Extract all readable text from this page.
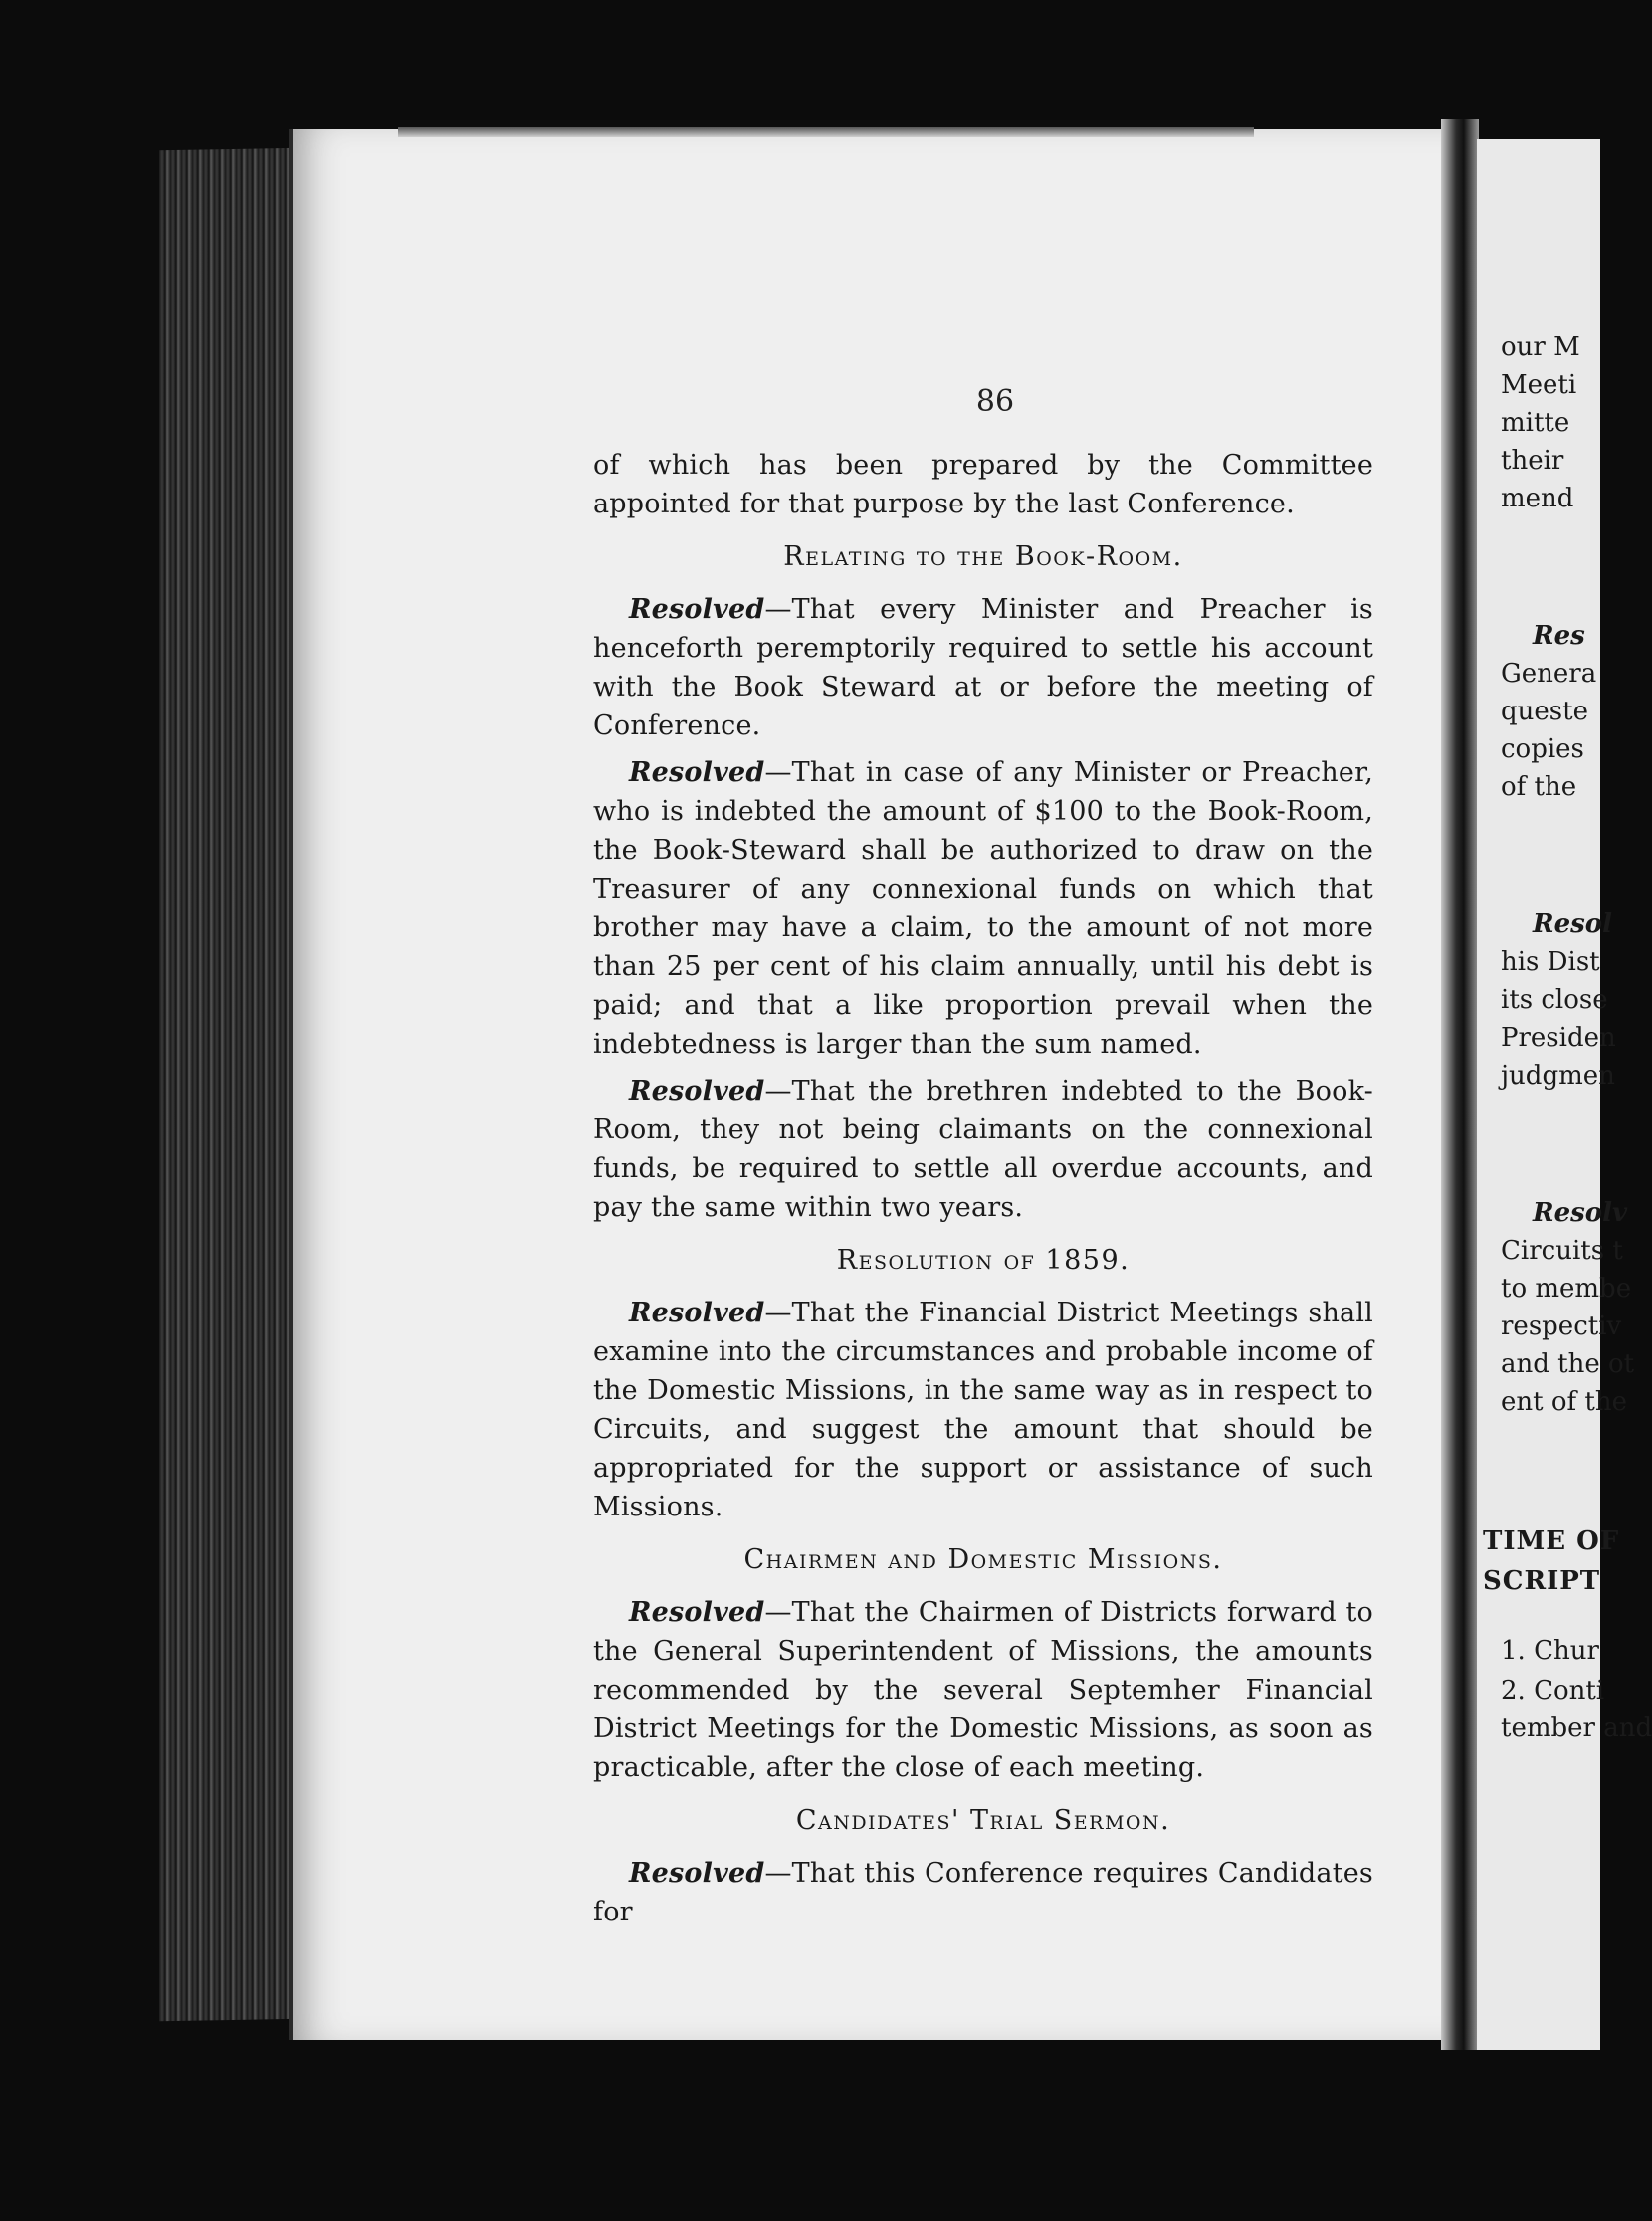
86

of which has been prepared by the Committee appointed for that purpose by the last Conference.

Relating to the Book-Room.

Resolved—That every Minister and Preacher is henceforth peremptorily required to settle his account with the Book Steward at or before the meeting of Conference.

Resolved—That in case of any Minister or Preacher, who is indebted the amount of $100 to the Book-Room, the Book-Steward shall be authorized to draw on the Treasurer of any connexional funds on which that brother may have a claim, to the amount of not more than 25 per cent of his claim annually, until his debt is paid; and that a like proportion prevail when the indebtedness is larger than the sum named.

Resolved—That the brethren indebted to the Book-Room, they not being claimants on the connexional funds, be required to settle all overdue accounts, and pay the same within two years.

Resolution of 1859.

Resolved—That the Financial District Meetings shall examine into the circumstances and probable income of the Domestic Missions, in the same way as in respect to Circuits, and suggest the amount that should be appropriated for the support or assistance of such Missions.

Chairmen and Domestic Missions.

Resolved—That the Chairmen of Districts forward to the General Superintendent of Missions, the amounts recommended by the several Septemher Financial District Meetings for the Domestic Missions, as soon as practicable, after the close of each meeting.

Candidates' Trial Sermon.

Resolved—That this Conference requires Candidates for

our M
Meeti
mitte
their
mend
Res
Genera
queste
copies
of the
Resol
his Dist
its close
Presiden
judgmen
Resolv
Circuits t
to membe
respectiv
and the ot
ent of the
TIME OF
SCRIPT
1. Chur
2. Conti
tember and
